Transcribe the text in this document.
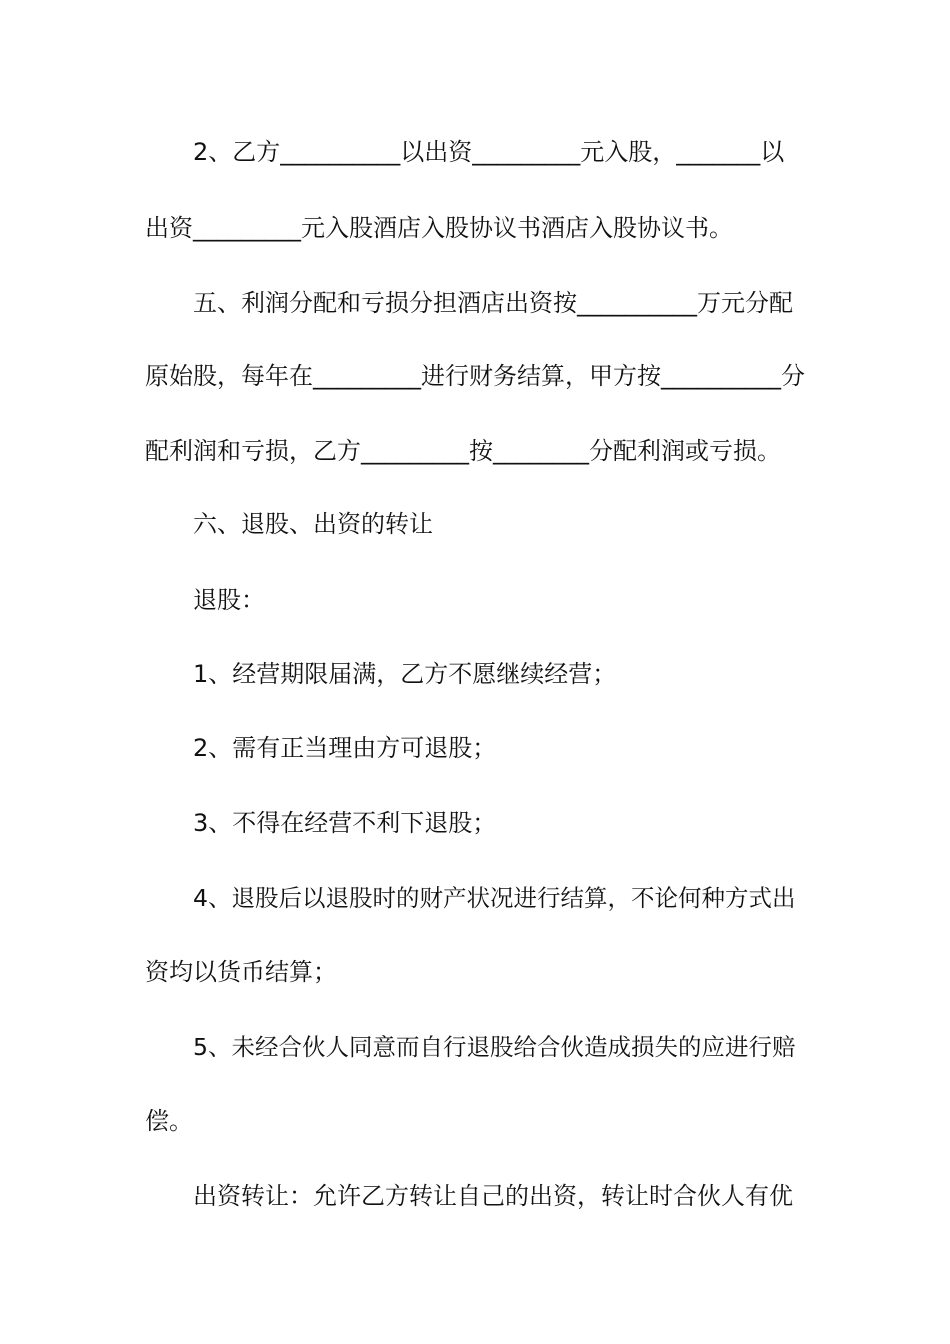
2、乙方__________以出资_________元入股，_______以
出资_________元入股酒店入股协议书酒店入股协议书。
五、利润分配和亏损分担酒店出资按__________万元分配
原始股，每年在_________进行财务结算，甲方按__________分
配利润和亏损，乙方_________按________分配利润或亏损。
六、退股、出资的转让
退股：
1、经营期限届满，乙方不愿继续经营；
2、需有正当理由方可退股；
3、不得在经营不利下退股；
4、退股后以退股时的财产状况进行结算，不论何种方式出
资均以货币结算；
5、未经合伙人同意而自行退股给合伙造成损失的应进行赔
偿。
出资转让：允许乙方转让自己的出资，转让时合伙人有优
